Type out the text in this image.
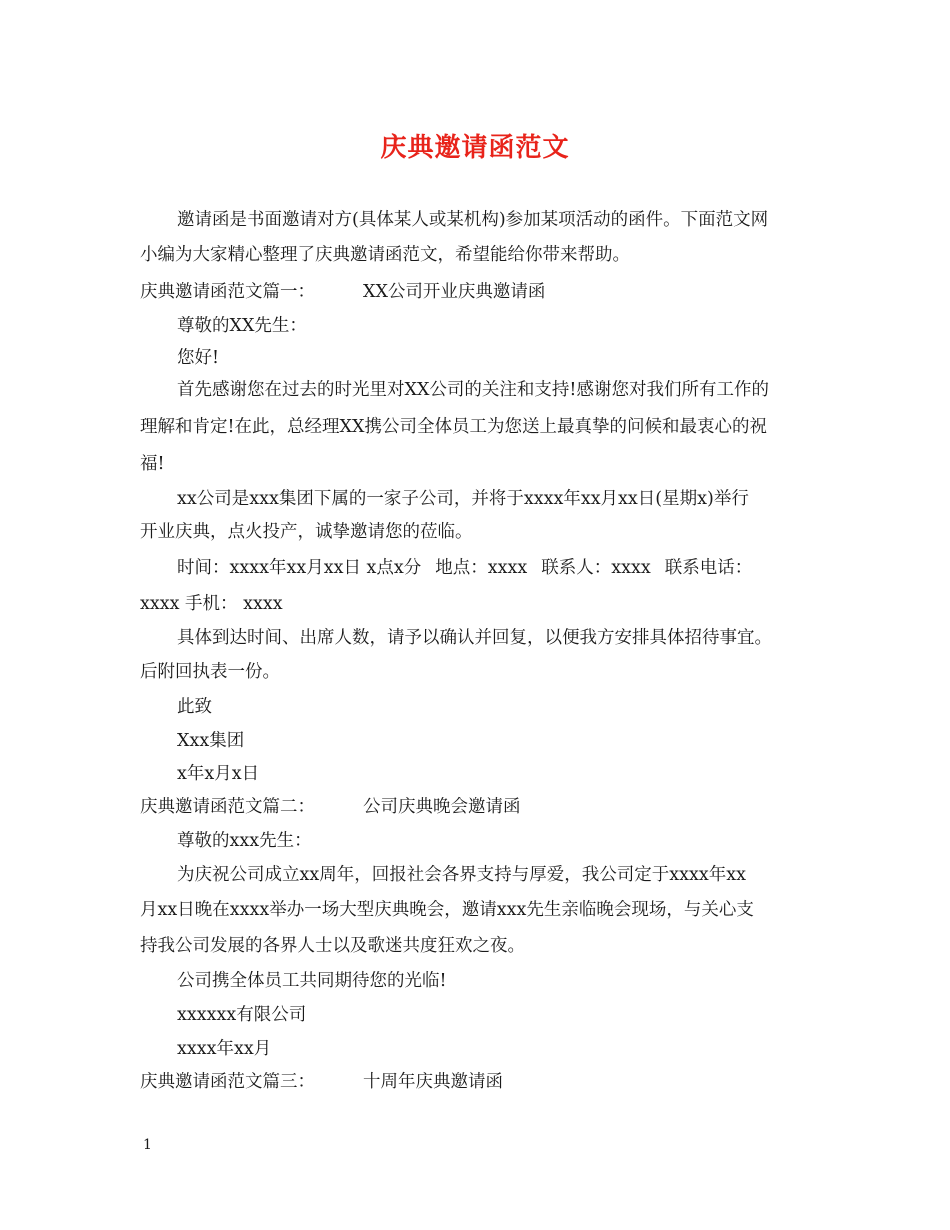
庆典邀请函范文
邀请函是书面邀请对方(具体某人或某机构)参加某项活动的函件。下面范文网
小编为大家精心整理了庆典邀请函范文，希望能给你带来帮助。
庆典邀请函范文篇一：	XX公司开业庆典邀请函
尊敬的XX先生：
您好!
首先感谢您在过去的时光里对XX公司的关注和支持!感谢您对我们所有工作的
理解和肯定!在此，总经理XX携公司全体员工为您送上最真挚的问候和最衷心的祝
福!
xx公司是xxx集团下属的一家子公司，并将于xxxx年xx月xx日(星期x)举行
开业庆典，点火投产，诚挚邀请您的莅临。
时间：xxxx年xx月xx日 x点x分 地点：xxxx 联系人：xxxx 联系电话：
xxxx 手机： xxxx
具体到达时间、出席人数，请予以确认并回复，以便我方安排具体招待事宜。
后附回执表一份。
此致
Xxx集团
x年x月x日
庆典邀请函范文篇二：	公司庆典晚会邀请函
尊敬的xxx先生：
为庆祝公司成立xx周年，回报社会各界支持与厚爱，我公司定于xxxx年xx
月xx日晚在xxxx举办一场大型庆典晚会，邀请xxx先生亲临晚会现场，与关心支
持我公司发展的各界人士以及歌迷共度狂欢之夜。
公司携全体员工共同期待您的光临!
xxxxxx有限公司
xxxx年xx月
庆典邀请函范文篇三：	十周年庆典邀请函
1
